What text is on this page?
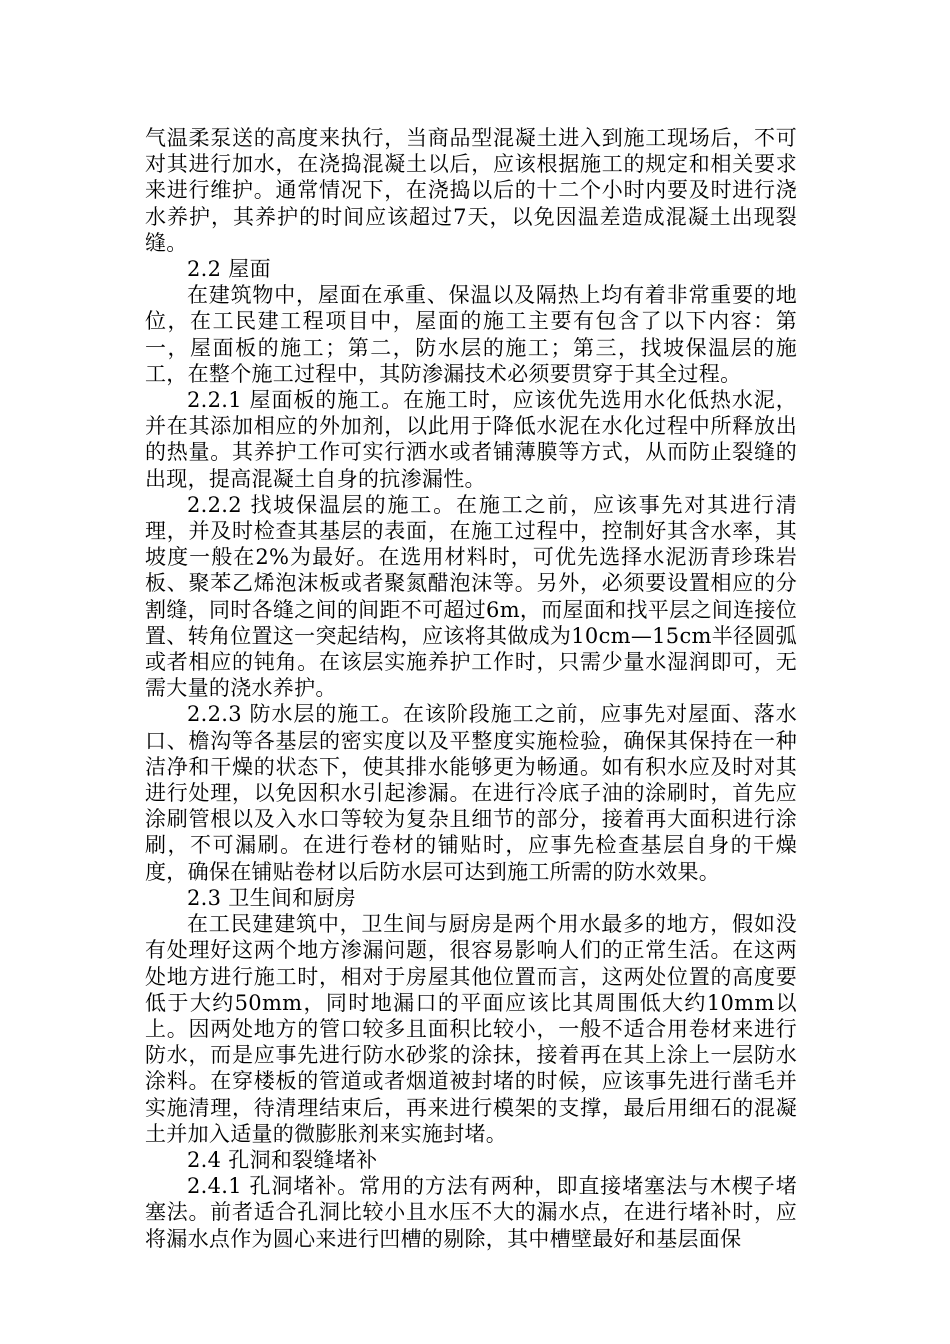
气温柔泵送的高度来执行，当商品型混凝土进入到施工现场后，不可对其进行加水，在浇捣混凝土以后，应该根据施工的规定和相关要求来进行维护。通常情况下，在浇捣以后的十二个小时内要及时进行浇水养护，其养护的时间应该超过7天，以免因温差造成混凝土出现裂缝。

2.2 屋面

在建筑物中，屋面在承重、保温以及隔热上均有着非常重要的地位，在工民建工程项目中，屋面的施工主要有包含了以下内容：第一，屋面板的施工；第二，防水层的施工；第三，找坡保温层的施工，在整个施工过程中，其防渗漏技术必须要贯穿于其全过程。

2.2.1 屋面板的施工。在施工时，应该优先选用水化低热水泥，并在其添加相应的外加剂，以此用于降低水泥在水化过程中所释放出的热量。其养护工作可实行洒水或者铺薄膜等方式，从而防止裂缝的出现，提高混凝土自身的抗渗漏性。

2.2.2 找坡保温层的施工。在施工之前，应该事先对其进行清理，并及时检查其基层的表面，在施工过程中，控制好其含水率，其坡度一般在2%为最好。在选用材料时，可优先选择水泥沥青珍珠岩板、聚苯乙烯泡沫板或者聚氮醋泡沫等。另外，必须要设置相应的分割缝，同时各缝之间的间距不可超过6m，而屋面和找平层之间连接位置、转角位置这一突起结构，应该将其做成为10cm—15cm半径圆弧或者相应的钝角。在该层实施养护工作时，只需少量水湿润即可，无需大量的浇水养护。

2.2.3 防水层的施工。在该阶段施工之前，应事先对屋面、落水口、檐沟等各基层的密实度以及平整度实施检验，确保其保持在一种洁净和干燥的状态下，使其排水能够更为畅通。如有积水应及时对其进行处理，以免因积水引起渗漏。在进行冷底子油的涂刷时，首先应涂刷管根以及入水口等较为复杂且细节的部分，接着再大面积进行涂刷，不可漏刷。在进行卷材的铺贴时，应事先检查基层自身的干燥度，确保在铺贴卷材以后防水层可达到施工所需的防水效果。

2.3 卫生间和厨房

在工民建建筑中，卫生间与厨房是两个用水最多的地方，假如没有处理好这两个地方渗漏问题，很容易影响人们的正常生活。在这两处地方进行施工时，相对于房屋其他位置而言，这两处位置的高度要低于大约50mm，同时地漏口的平面应该比其周围低大约10mm以上。因两处地方的管口较多且面积比较小，一般不适合用卷材来进行防水，而是应事先进行防水砂浆的涂抹，接着再在其上涂上一层防水涂料。在穿楼板的管道或者烟道被封堵的时候，应该事先进行凿毛并实施清理，待清理结束后，再来进行模架的支撑，最后用细石的混凝土并加入适量的微膨胀剂来实施封堵。

2.4 孔洞和裂缝堵补

2.4.1 孔洞堵补。常用的方法有两种，即直接堵塞法与木楔子堵塞法。前者适合孔洞比较小且水压不大的漏水点，在进行堵补时，应将漏水点作为圆心来进行凹槽的剔除，其中槽壁最好和基层面保
